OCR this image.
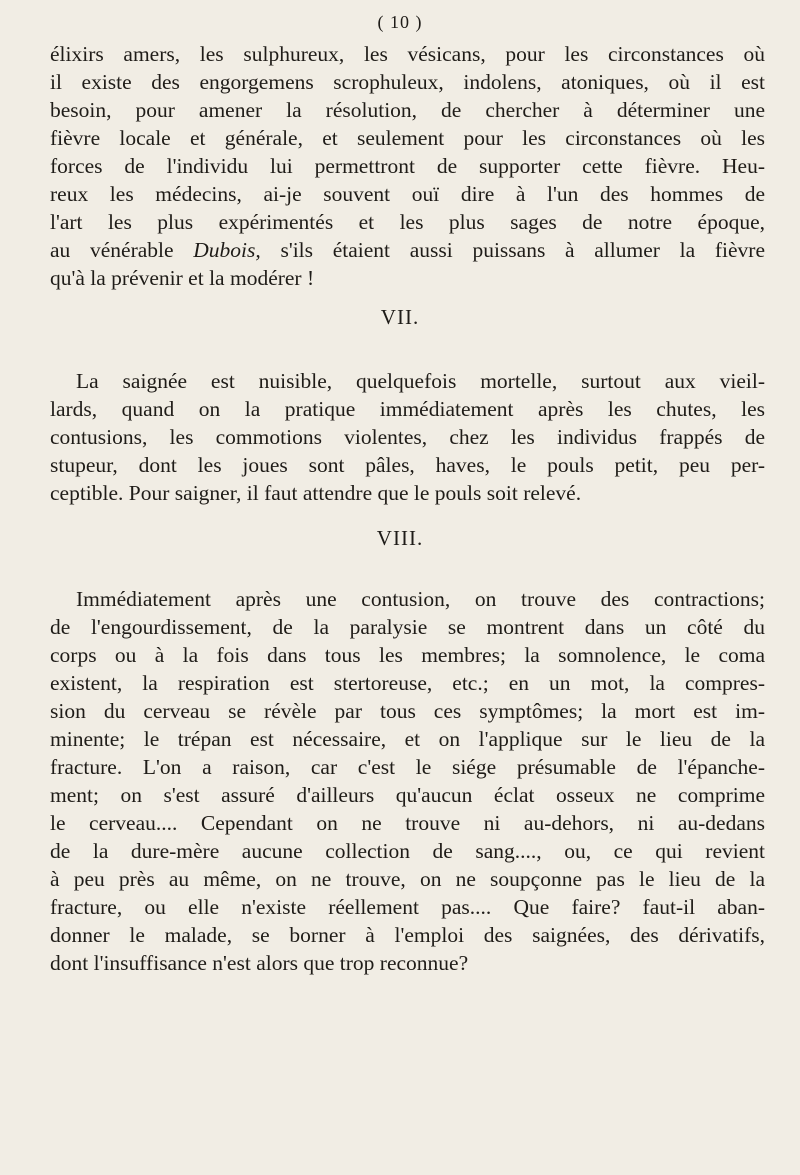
( 10 )
élixirs amers, les sulphureux, les vésicans, pour les circonstances où
il existe des engorgemens scrophuleux, indolens, atoniques, où il est
besoin, pour amener la résolution, de chercher à déterminer une
fièvre locale et générale, et seulement pour les circonstances où les
forces de l'individu lui permettront de supporter cette fièvre. Heu-
reux les médecins, ai-je souvent ouï dire à l'un des hommes de
l'art les plus expérimentés et les plus sages de notre époque,
au vénérable Dubois, s'ils étaient aussi puissans à allumer la fièvre
qu'à la prévenir et la modérer !
VII.
La saignée est nuisible, quelquefois mortelle, surtout aux vieil-
lards, quand on la pratique immédiatement après les chutes, les
contusions, les commotions violentes, chez les individus frappés de
stupeur, dont les joues sont pâles, haves, le pouls petit, peu per-
ceptible. Pour saigner, il faut attendre que le pouls soit relevé.
VIII.
Immédiatement après une contusion, on trouve des contractions;
de l'engourdissement, de la paralysie se montrent dans un côté du
corps ou à la fois dans tous les membres; la somnolence, le coma
existent, la respiration est stertoreuse, etc.; en un mot, la compres-
sion du cerveau se révèle par tous ces symptômes; la mort est im-
minente; le trépan est nécessaire, et on l'applique sur le lieu de la
fracture. L'on a raison, car c'est le siége présumable de l'épanche-
ment; on s'est assuré d'ailleurs qu'aucun éclat osseux ne comprime
le cerveau.... Cependant on ne trouve ni au-dehors, ni au-dedans
de la dure-mère aucune collection de sang...., ou, ce qui revient
à peu près au même, on ne trouve, on ne soupçonne pas le lieu de la
fracture, ou elle n'existe réellement pas.... Que faire? faut-il aban-
donner le malade, se borner à l'emploi des saignées, des dérivatifs,
dont l'insuffisance n'est alors que trop reconnue?
